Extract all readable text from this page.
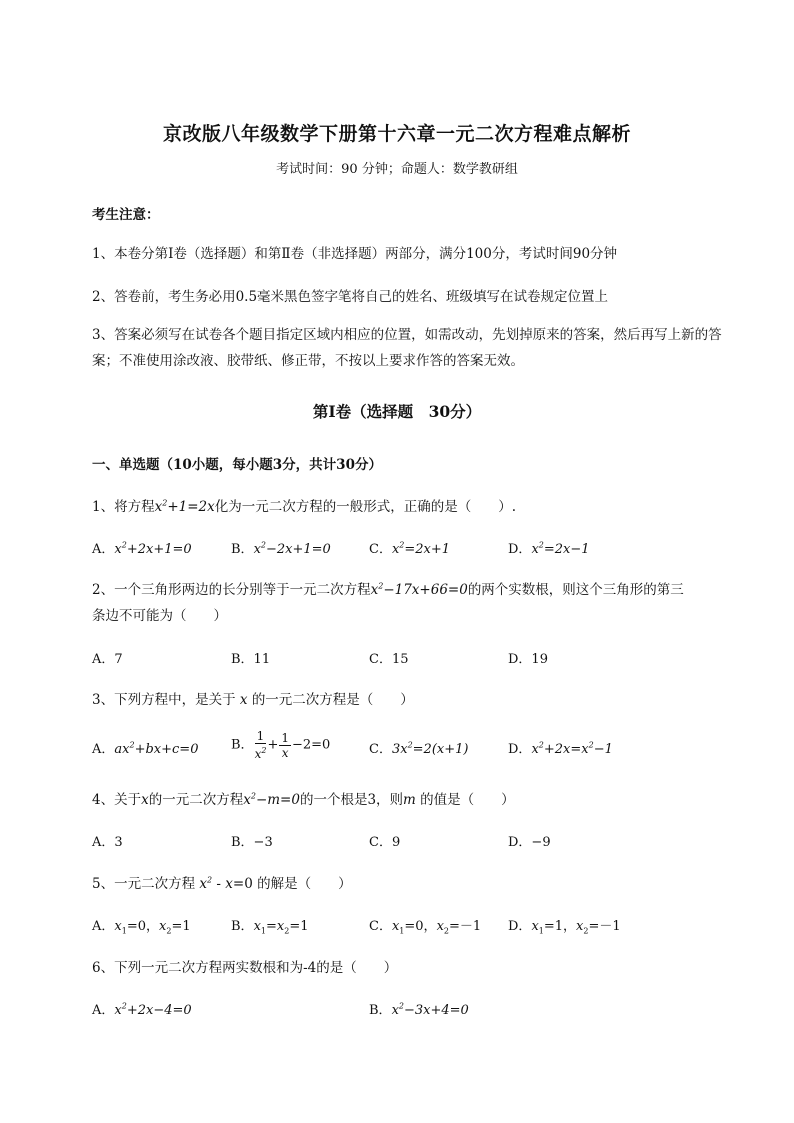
京改版八年级数学下册第十六章一元二次方程难点解析
考试时间：90 分钟；命题人：数学教研组
考生注意：
1、本卷分第Ⅰ卷（选择题）和第Ⅱ卷（非选择题）两部分，满分100分，考试时间90分钟
2、答卷前，考生务必用0.5毫米黑色签字笔将自己的姓名、班级填写在试卷规定位置上
3、答案必须写在试卷各个题目指定区域内相应的位置，如需改动，先划掉原来的答案，然后再写上新的答案；不准使用涂改液、胶带纸、修正带，不按以上要求作答的答案无效。
第Ⅰ卷（选择题　30分）
一、单选题（10小题，每小题3分，共计30分）
1、将方程$x^2+1=2x$化为一元二次方程的一般形式，正确的是（　　）.
A．$x^2+2x+1=0$	B．$x^2-2x+1=0$	C．$x^2=2x+1$	D．$x^2=2x-1$
2、一个三角形两边的长分别等于一元二次方程$x^2-17x+66=0$的两个实数根，则这个三角形的第三
条边不可能为（　　）
A．7	B．11	C．15	D．19
3、下列方程中，是关于 x 的一元二次方程是（　　）
A．$ax^2+bx+c=0$	B． $\frac{1}{x^2} + \frac{1}{x} -2=0$	C．$3x^2=2(x+1)$	D．$x^2+2x=x^2-1$
4、关于x的一元二次方程$x^2-m=0$的一个根是3，则m 的值是（　　）
A．3	B．−3	C．9	D．−9
5、一元二次方程 $x^2 - x=0$ 的解是（　　）
A．$x_1=0$，$x_2=1$	B．$x_1=x_2=1$	C．$x_1=0$，$x_2=-1$ D．$x_1=1$，$x_2=-1$
6、下列一元二次方程两实数根和为-4的是（　　）
A．$x^2+2x-4=0$	B．$x^2-3x+4=0$
